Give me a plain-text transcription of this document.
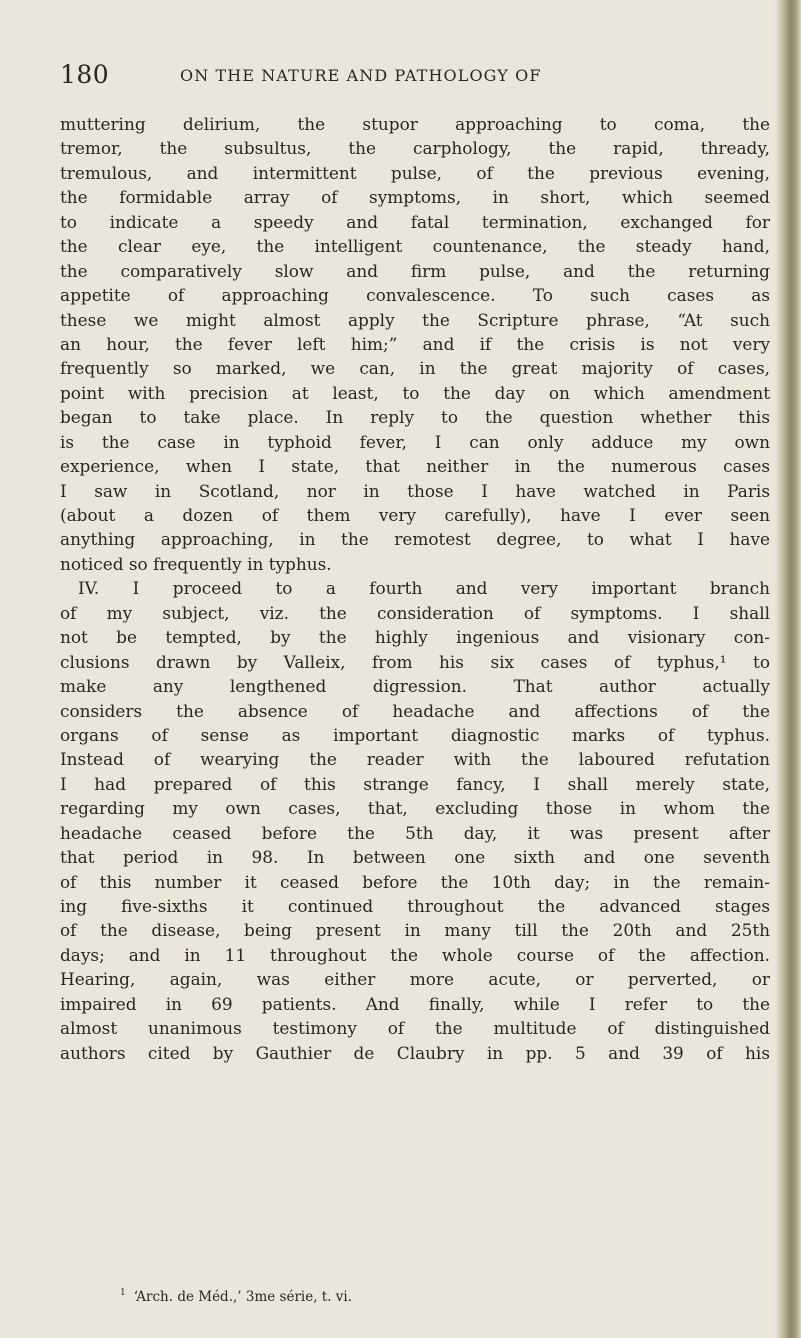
180	ON THE NATURE AND PATHOLOGY OF
muttering delirium, the stupor approaching to coma, the
tremor, the subsultus, the carphology, the rapid, thready,
tremulous, and intermittent pulse, of the previous evening,
the formidable array of symptoms, in short, which seemed
to indicate a speedy and fatal termination, exchanged for
the clear eye, the intelligent countenance, the steady hand,
the comparatively slow and firm pulse, and the returning
appetite of approaching convalescence. To such cases as
these we might almost apply the Scripture phrase, “At such
an hour, the fever left him;” and if the crisis is not very
frequently so marked, we can, in the great majority of cases,
point with precision at least, to the day on which amendment
began to take place. In reply to the question whether this
is the case in typhoid fever, I can only adduce my own
experience, when I state, that neither in the numerous cases
I saw in Scotland, nor in those I have watched in Paris
(about a dozen of them very carefully), have I ever seen
anything approaching, in the remotest degree, to what I have
noticed so frequently in typhus.
IV. I proceed to a fourth and very important branch
of my subject, viz. the consideration of symptoms. I shall
not be tempted, by the highly ingenious and visionary con-
clusions drawn by Valleix, from his six cases of typhus,¹ to
make any lengthened digression. That author actually
considers the absence of headache and affections of the
organs of sense as important diagnostic marks of typhus.
Instead of wearying the reader with the laboured refutation
I had prepared of this strange fancy, I shall merely state,
regarding my own cases, that, excluding those in whom the
headache ceased before the 5th day, it was present after
that period in 98. In between one sixth and one seventh
of this number it ceased before the 10th day; in the remain-
ing five-sixths it continued throughout the advanced stages
of the disease, being present in many till the 20th and 25th
days; and in 11 throughout the whole course of the affection.
Hearing, again, was either more acute, or perverted, or
impaired in 69 patients. And finally, while I refer to the
almost unanimous testimony of the multitude of distinguished
authors cited by Gauthier de Claubry in pp. 5 and 39 of his
$^1$ ‘Arch. de Méd.,’ 3me série, t. vi.
